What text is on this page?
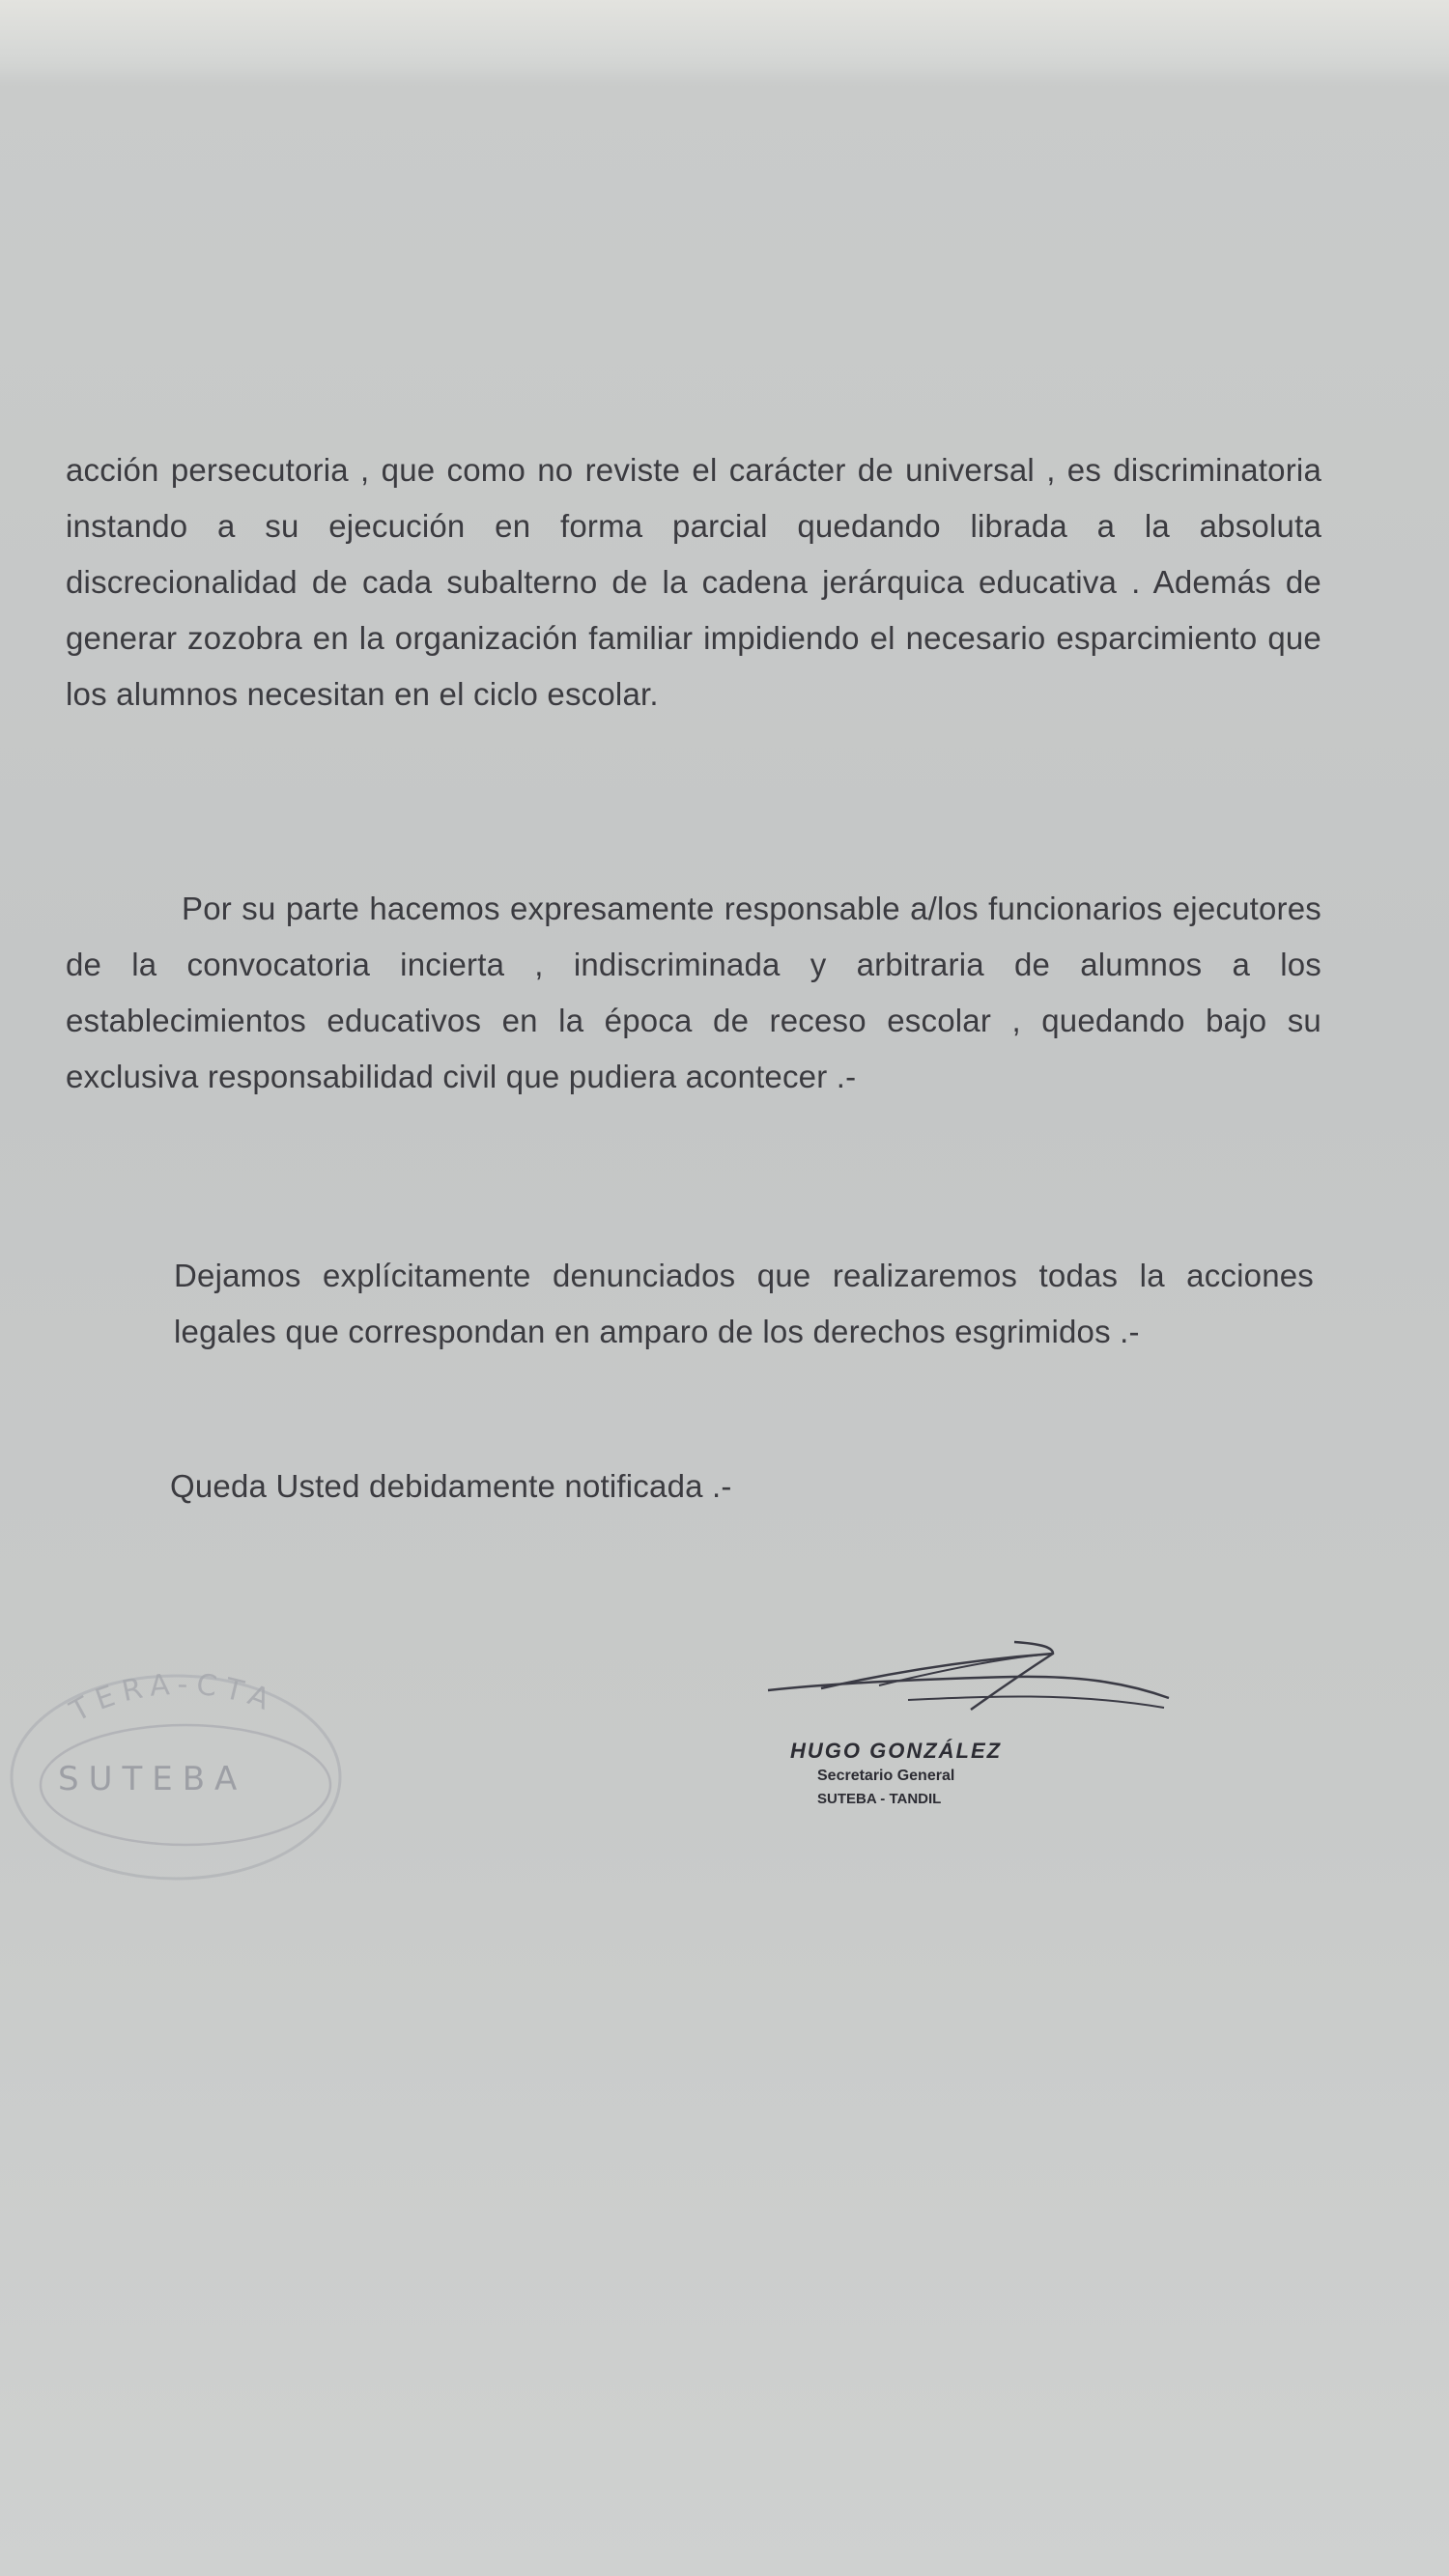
acción persecutoria , que como no reviste el carácter de universal , es discriminatoria instando a su ejecución en forma parcial quedando librada a la absoluta discrecionalidad de cada subalterno de la cadena jerárquica educativa . Además de generar zozobra en la organización familiar impidiendo el necesario esparcimiento que los alumnos necesitan en el ciclo escolar.

Por su parte hacemos expresamente responsable a/los funcionarios ejecutores de la convocatoria incierta , indiscriminada y arbitraria de alumnos a los establecimientos educativos en la época de receso escolar , quedando bajo su exclusiva responsabilidad civil que pudiera acontecer .-

Dejamos explícitamente denunciados que realizaremos todas la acciones legales que correspondan en amparo de los derechos esgrimidos .-

Queda Usted debidamente notificada .-

TERA-CTA
SUTEBA
HUGO GONZÁLEZ
Secretario General
SUTEBA - TANDIL
